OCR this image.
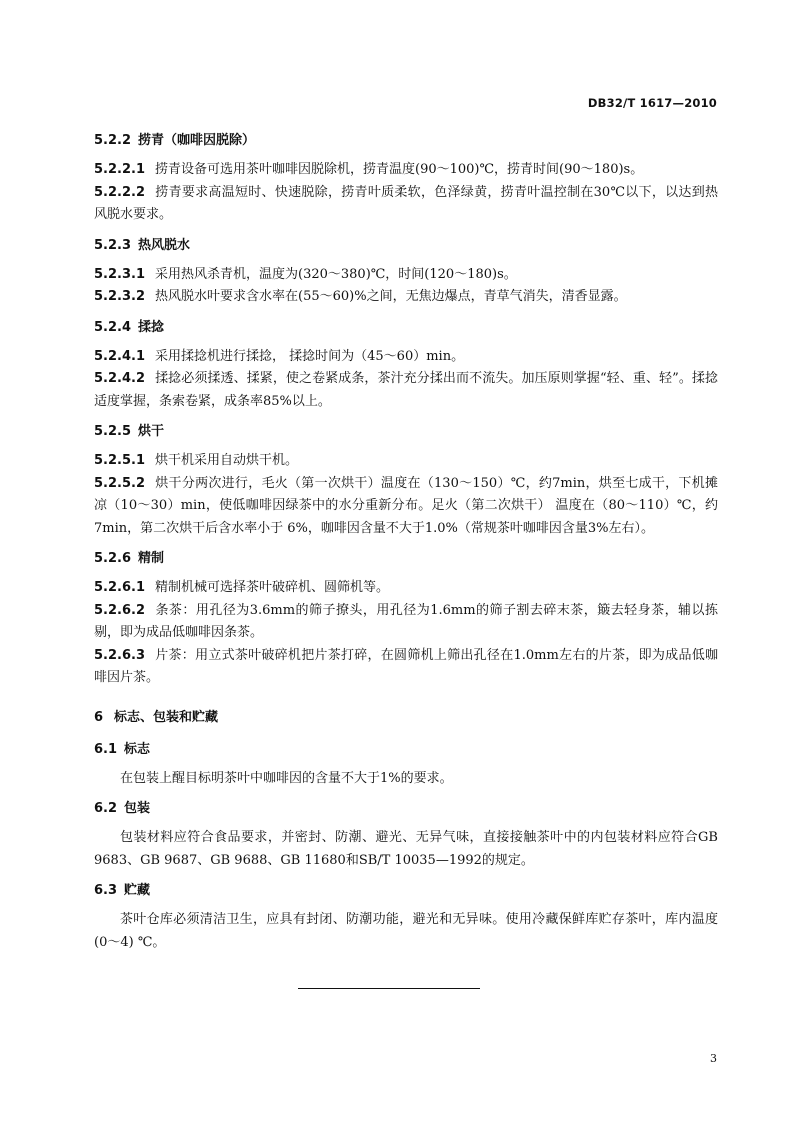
DB32/T 1617—2010
5.2.2 捞青（咖啡因脱除）

5.2.2.1 捞青设备可选用茶叶咖啡因脱除机，捞青温度(90～100)℃，捞青时间(90～180)s。

5.2.2.2 捞青要求高温短时、快速脱除，捞青叶质柔软，色泽绿黄，捞青叶温控制在30℃以下，以达到热风脱水要求。

5.2.3 热风脱水

5.2.3.1 采用热风杀青机，温度为(320～380)℃，时间(120～180)s。

5.2.3.2 热风脱水叶要求含水率在(55～60)%之间，无焦边爆点，青草气消失，清香显露。

5.2.4 揉捻

5.2.4.1 采用揉捻机进行揉捻， 揉捻时间为（45～60）min。

5.2.4.2 揉捻必须揉透、揉紧，使之卷紧成条，茶汁充分揉出而不流失。加压原则掌握“轻、重、轻”。揉捻适度掌握，条索卷紧，成条率85%以上。

5.2.5 烘干

5.2.5.1 烘干机采用自动烘干机。

5.2.5.2 烘干分两次进行，毛火（第一次烘干）温度在（130～150）℃，约7min，烘至七成干，下机摊凉（10～30）min，使低咖啡因绿茶中的水分重新分布。足火（第二次烘干） 温度在（80～110）℃，约7min，第二次烘干后含水率小于 6%，咖啡因含量不大于1.0%（常规茶叶咖啡因含量3%左右）。

5.2.6 精制

5.2.6.1 精制机械可选择茶叶破碎机、圆筛机等。

5.2.6.2 条茶：用孔径为3.6mm的筛子撩头，用孔径为1.6mm的筛子割去碎末茶，簸去轻身茶，辅以拣剔，即为成品低咖啡因条茶。

5.2.6.3 片茶：用立式茶叶破碎机把片茶打碎，在圆筛机上筛出孔径在1.0mm左右的片茶，即为成品低咖啡因片茶。

6 标志、包装和贮藏
6.1 标志

在包装上醒目标明茶叶中咖啡因的含量不大于1%的要求。

6.2 包装

包装材料应符合食品要求，并密封、防潮、避光、无异气味，直接接触茶叶中的内包装材料应符合GB 9683、GB 9687、GB 9688、GB 11680和SB/T 10035—1992的规定。

6.3 贮藏

茶叶仓库必须清洁卫生，应具有封闭、防潮功能，避光和无异味。使用冷藏保鲜库贮存茶叶，库内温度(0～4) ℃。

3
